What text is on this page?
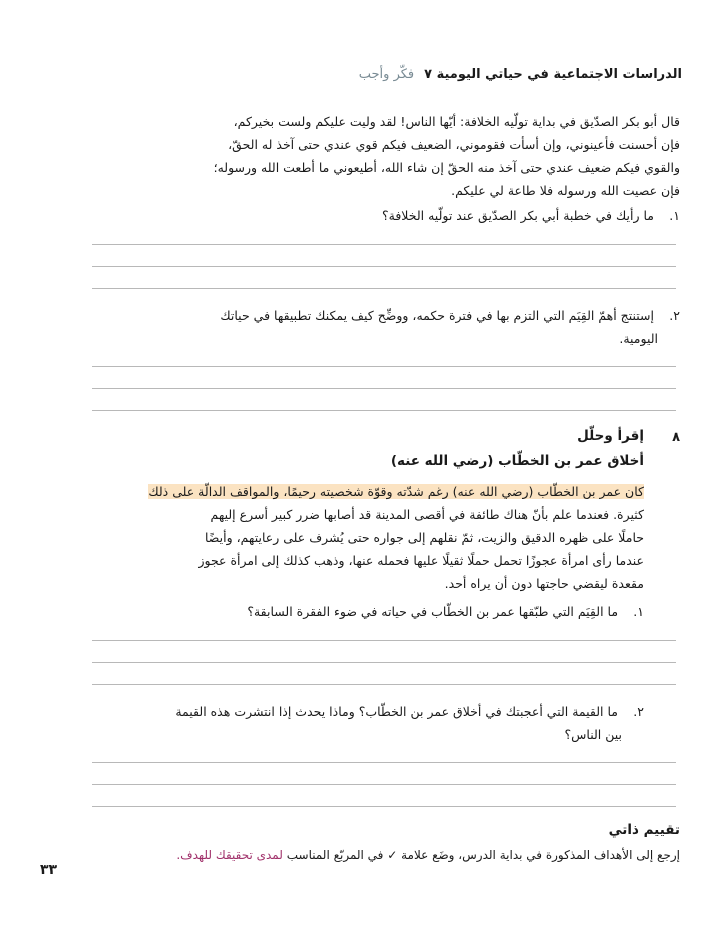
الدراسات الاجتماعية في حياتي اليومية ٧
فكّر وأجب
قال أبو بكر الصدّيق في بداية تولّيه الخلافة: أيّها الناس! لقد وليت عليكم ولست بخيركم،
فإن أحسنت فأعينوني، وإن أسأت فقوموني، الضعيف فيكم قوي عندي حتى آخذ له الحقّ،
والقوي فيكم ضعيف عندي حتى آخذ منه الحقّ إن شاء الله، أطيعوني ما أطعت الله ورسوله؛
فإن عصيت الله ورسوله فلا طاعة لي عليكم.
١. ما رأيك في خطبة أبي بكر الصدّيق عند تولّيه الخلافة؟
٢. إستنتج أهمّ القِيَم التي التزم بها في فترة حكمه، ووضِّح كيف يمكنك تطبيقها في حياتك
اليومية.
٨
إقرأ وحلّل
أخلاق عمر بن الخطّاب (رضي الله عنه)
كان عمر بن الخطّاب (رضي الله عنه) رغم شدّته وقوّة شخصيته رحيمًا، والمواقف الدالّة على ذلك
كثيرة. فعندما علم بأنّ هناك طائفة في أقصى المدينة قد أصابها ضرر كبير أسرع إليهم
حاملًا على ظهره الدقيق والزيت، ثمّ نقلهم إلى جواره حتى يُشرف على رعايتهم، وأيضًا
عندما رأى امرأة عجوزًا تحمل حملًا ثقيلًا عليها فحمله عنها، وذهب كذلك إلى امرأة عجوز
مقعدة ليقضي حاجتها دون أن يراه أحد.
١. ما القِيَم التي طبّقها عمر بن الخطّاب في حياته في ضوء الفقرة السابقة؟
٢. ما القيمة التي أعجبتك في أخلاق عمر بن الخطّاب؟ وماذا يحدث إذا انتشرت هذه القيمة
بين الناس؟
تقييم ذاتي
إرجع إلى الأهداف المذكورة في بداية الدرس، وضَع علامة ✓ في المربّع المناسب لمدى تحقيقك للهدف.
٣٣
